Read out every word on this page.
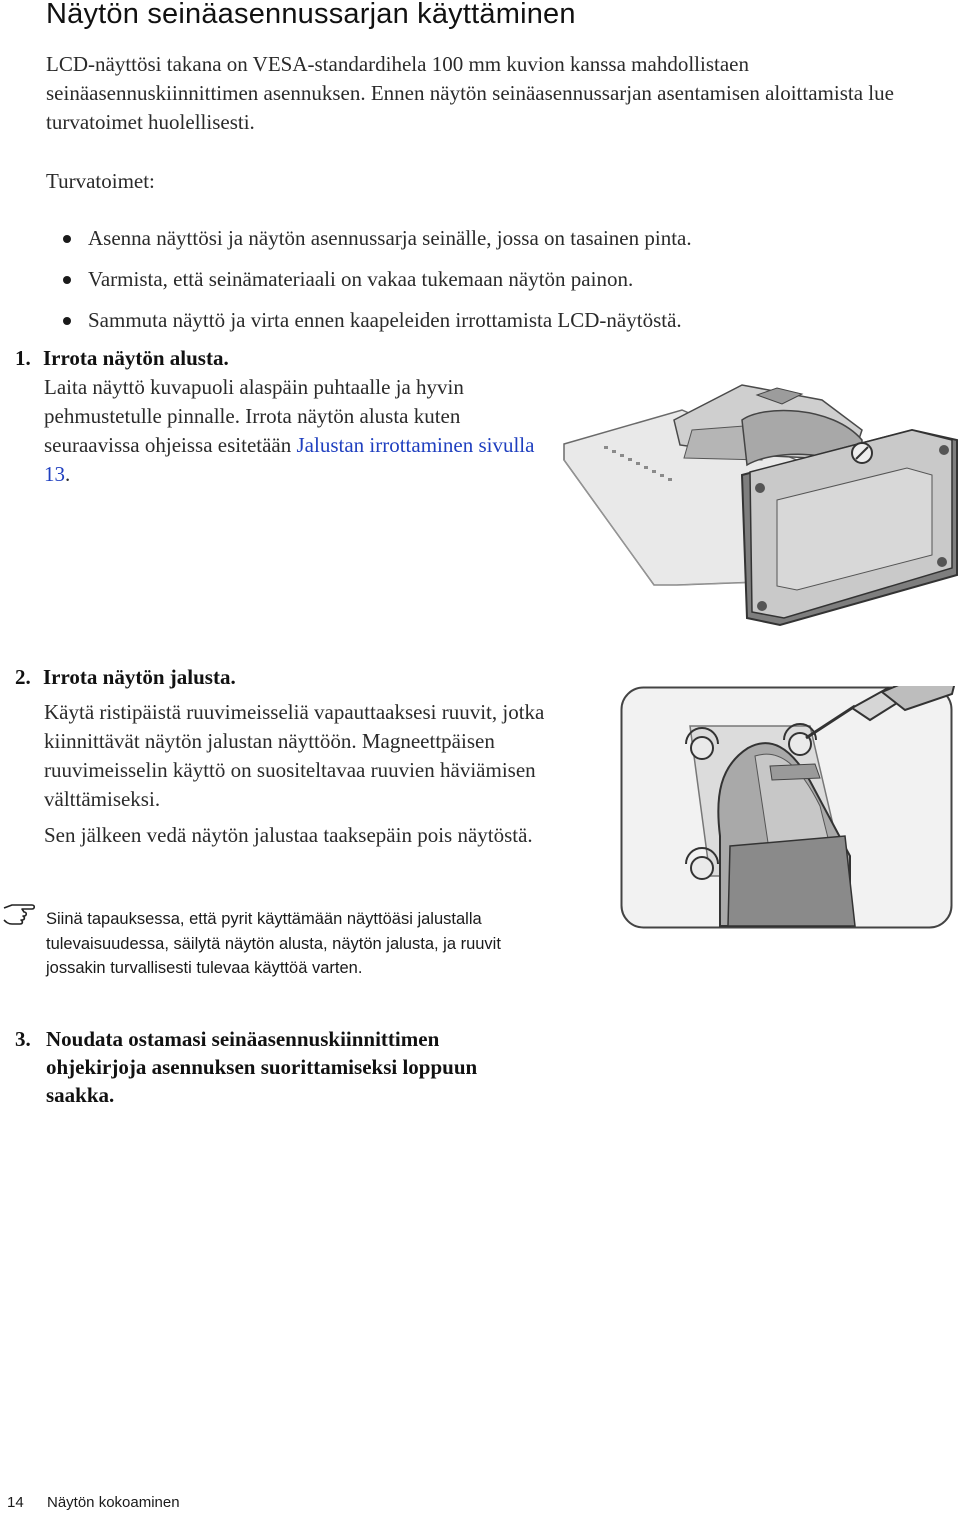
Näytön seinäasennussarjan käyttäminen
LCD-näyttösi takana on VESA-standardihela 100 mm kuvion kanssa mahdollistaen seinäasennuskiinnittimen asennuksen. Ennen näytön seinäasennussarjan asentamisen aloittamista lue turvatoimet huolellisesti.
Turvatoimet:
Asenna näyttösi ja näytön asennussarja seinälle, jossa on tasainen pinta.
Varmista, että seinämateriaali on vakaa tukemaan näytön painon.
Sammuta näyttö ja virta ennen kaapeleiden irrottamista LCD-näytöstä.
1. Irrota näytön alusta.
Laita näyttö kuvapuoli alaspäin puhtaalle ja hyvin pehmustetulle pinnalle. Irrota näytön alusta kuten seuraavissa ohjeissa esitetään Jalustan irrottaminen sivulla 13.
2. Irrota näytön jalusta.
Käytä ristipäistä ruuvimeisseliä vapauttaaksesi ruuvit, jotka kiinnittävät näytön jalustan näyttöön. Magneettpäisen ruuvimeisselin käyttö on suositeltavaa ruuvien häviämisen välttämiseksi.
Sen jälkeen vedä näytön jalustaa taaksepäin pois näytöstä.
Siinä tapauksessa, että pyrit käyttämään näyttöäsi jalustalla tulevaisuudessa, säilytä näytön alusta, näytön jalusta, ja ruuvit jossakin turvallisesti tulevaa käyttöä varten.
3. Noudata ostamasi seinäasennuskiinnittimen
ohjekirjoja asennuksen suorittamiseksi loppuun
saakka.
14 Näytön kokoaminen
